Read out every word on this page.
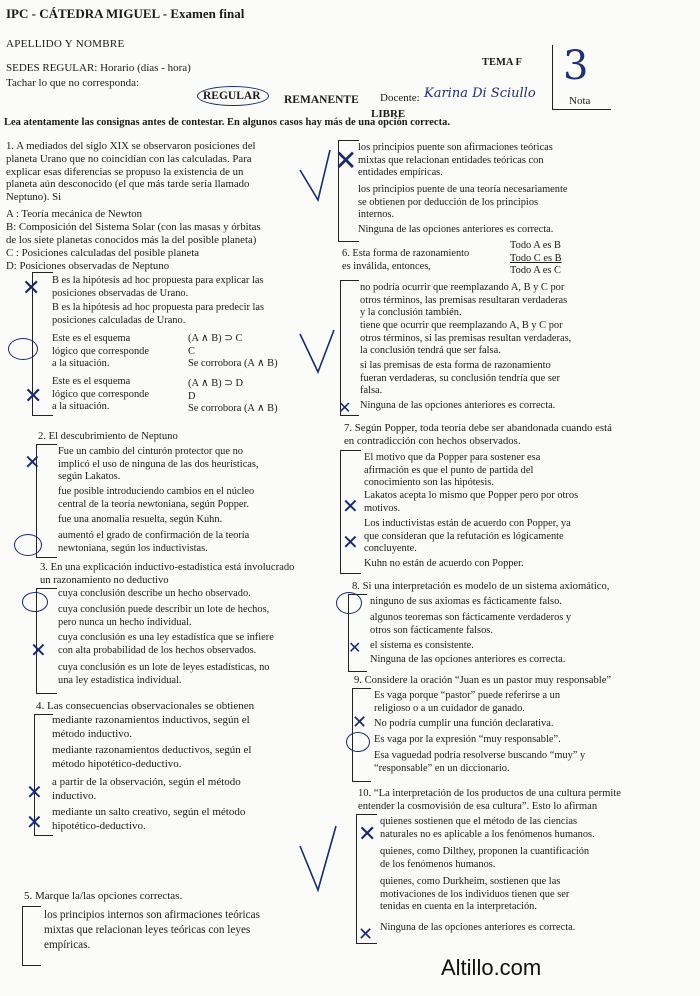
IPC - CÁTEDRA MIGUEL - Examen final
APELLIDO Y NOMBRE
SEDES REGULAR: Horario (días - hora)
Tachar lo que no corresponda:
REGULAR REMANENTE
LIBRE
Docente: Karina Di Sciullo
TEMA F 3
Nota
Lea atentamente las consignas antes de contestar. En algunos casos hay más de una opción correcta.
1. A mediados del siglo XIX se observaron posiciones del
planeta Urano que no coincidían con las calculadas. Para
explicar esas diferencias se propuso la existencia de un
planeta aún desconocido (el que más tarde sería llamado
Neptuno). Si
A : Teoría mecánica de Newton
B: Composición del Sistema Solar (con las masas y órbitas
de los siete planetas conocidos más la del posible planeta)
C : Posiciones calculadas del posible planeta
D: Posiciones observadas de Neptuno
B es la hipótesis ad hoc propuesta para explicar las
posiciones observadas de Urano.
B es la hipótesis ad hoc propuesta para predecir las
posiciones calculadas de Urano.
Este es el esquema
lógico que corresponde
a la situación.
(A ∧ B) ⊃ C
C
Se corrobora (A ∧ B)
Este es el esquema
lógico que corresponde
a la situación.
(A ∧ B) ⊃ D
D
Se corrobora (A ∧ B)
2. El descubrimiento de Neptuno
Fue un cambio del cinturón protector que no
implicó el uso de ninguna de las dos heurísticas,
según Lakatos.
fue posible introduciendo cambios en el núcleo
central de la teoría newtoniana, según Popper.
fue una anomalía resuelta, según Kuhn.
aumentó el grado de confirmación de la teoría
newtoniana, según los inductivistas.
3. En una explicación inductivo-estadística está involucrado
un razonamiento no deductivo
cuya conclusión describe un hecho observado.
cuya conclusión puede describir un lote de hechos,
pero nunca un hecho individual.
cuya conclusión es una ley estadística que se infiere
con alta probabilidad de los hechos observados.
cuya conclusión es un lote de leyes estadísticas, no
una ley estadística individual.
4. Las consecuencias observacionales se obtienen
mediante razonamientos inductivos, según el
método inductivo.
mediante razonamientos deductivos, según el
método hipotético-deductivo.
a partir de la observación, según el método
inductivo.
mediante un salto creativo, según el método
hipotético-deductivo.
5. Marque la/las opciones correctas.
los principios internos son afirmaciones teóricas
mixtas que relacionan leyes teóricas con leyes
empíricas.
los principios puente son afirmaciones teóricas
mixtas que relacionan entidades teóricas con
entidades empíricas.
los principios puente de una teoría necesariamente
se obtienen por deducción de los principios
internos.
Ninguna de las opciones anteriores es correcta.
6. Esta forma de razonamiento
es inválida, entonces,
Todo A es B
Todo C es B
Todo A es C
no podría ocurrir que reemplazando A, B y C por
otros términos, las premisas resultaran verdaderas
y la conclusión también.
tiene que ocurrir que reemplazando A, B y C por
otros términos, si las premisas resultan verdaderas,
la conclusión tendrá que ser falsa.
si las premisas de esta forma de razonamiento
fueran verdaderas, su conclusión tendría que ser
falsa.
Ninguna de las opciones anteriores es correcta.
7. Según Popper, toda teoría debe ser abandonada cuando está
en contradicción con hechos observados.
El motivo que da Popper para sostener esa
afirmación es que el punto de partida del
conocimiento son las hipótesis.
Lakatos acepta lo mismo que Popper pero por otros
motivos.
Los inductivistas están de acuerdo con Popper, ya
que consideran que la refutación es lógicamente
concluyente.
Kuhn no están de acuerdo con Popper.
8. Si una interpretación es modelo de un sistema axiomático,
ninguno de sus axiomas es fácticamente falso.
algunos teoremas son fácticamente verdaderos y
otros son fácticamente falsos.
el sistema es consistente.
Ninguna de las opciones anteriores es correcta.
9. Considere la oración “Juan es un pastor muy responsable”
Es vaga porque “pastor” puede referirse a un
religioso o a un cuidador de ganado.
No podría cumplir una función declarativa.
Es vaga por la expresión “muy responsable”.
Esa vaguedad podría resolverse buscando “muy” y
“responsable” en un diccionario.
10. “La interpretación de los productos de una cultura permite
entender la cosmovisión de esa cultura”. Esto lo afirman
quienes sostienen que el método de las ciencias
naturales no es aplicable a los fenómenos humanos.
quienes, como Dilthey, proponen la cuantificación
de los fenómenos humanos.
quienes, como Durkheim, sostienen que las
motivaciones de los individuos tienen que ser
tenidas en cuenta en la interpretación.
Ninguna de las opciones anteriores es correcta.
✕
✕
✕
✕
✕
✕
✕
✕
✕
✕
✕
✕
✕
✕
Altillo.com
